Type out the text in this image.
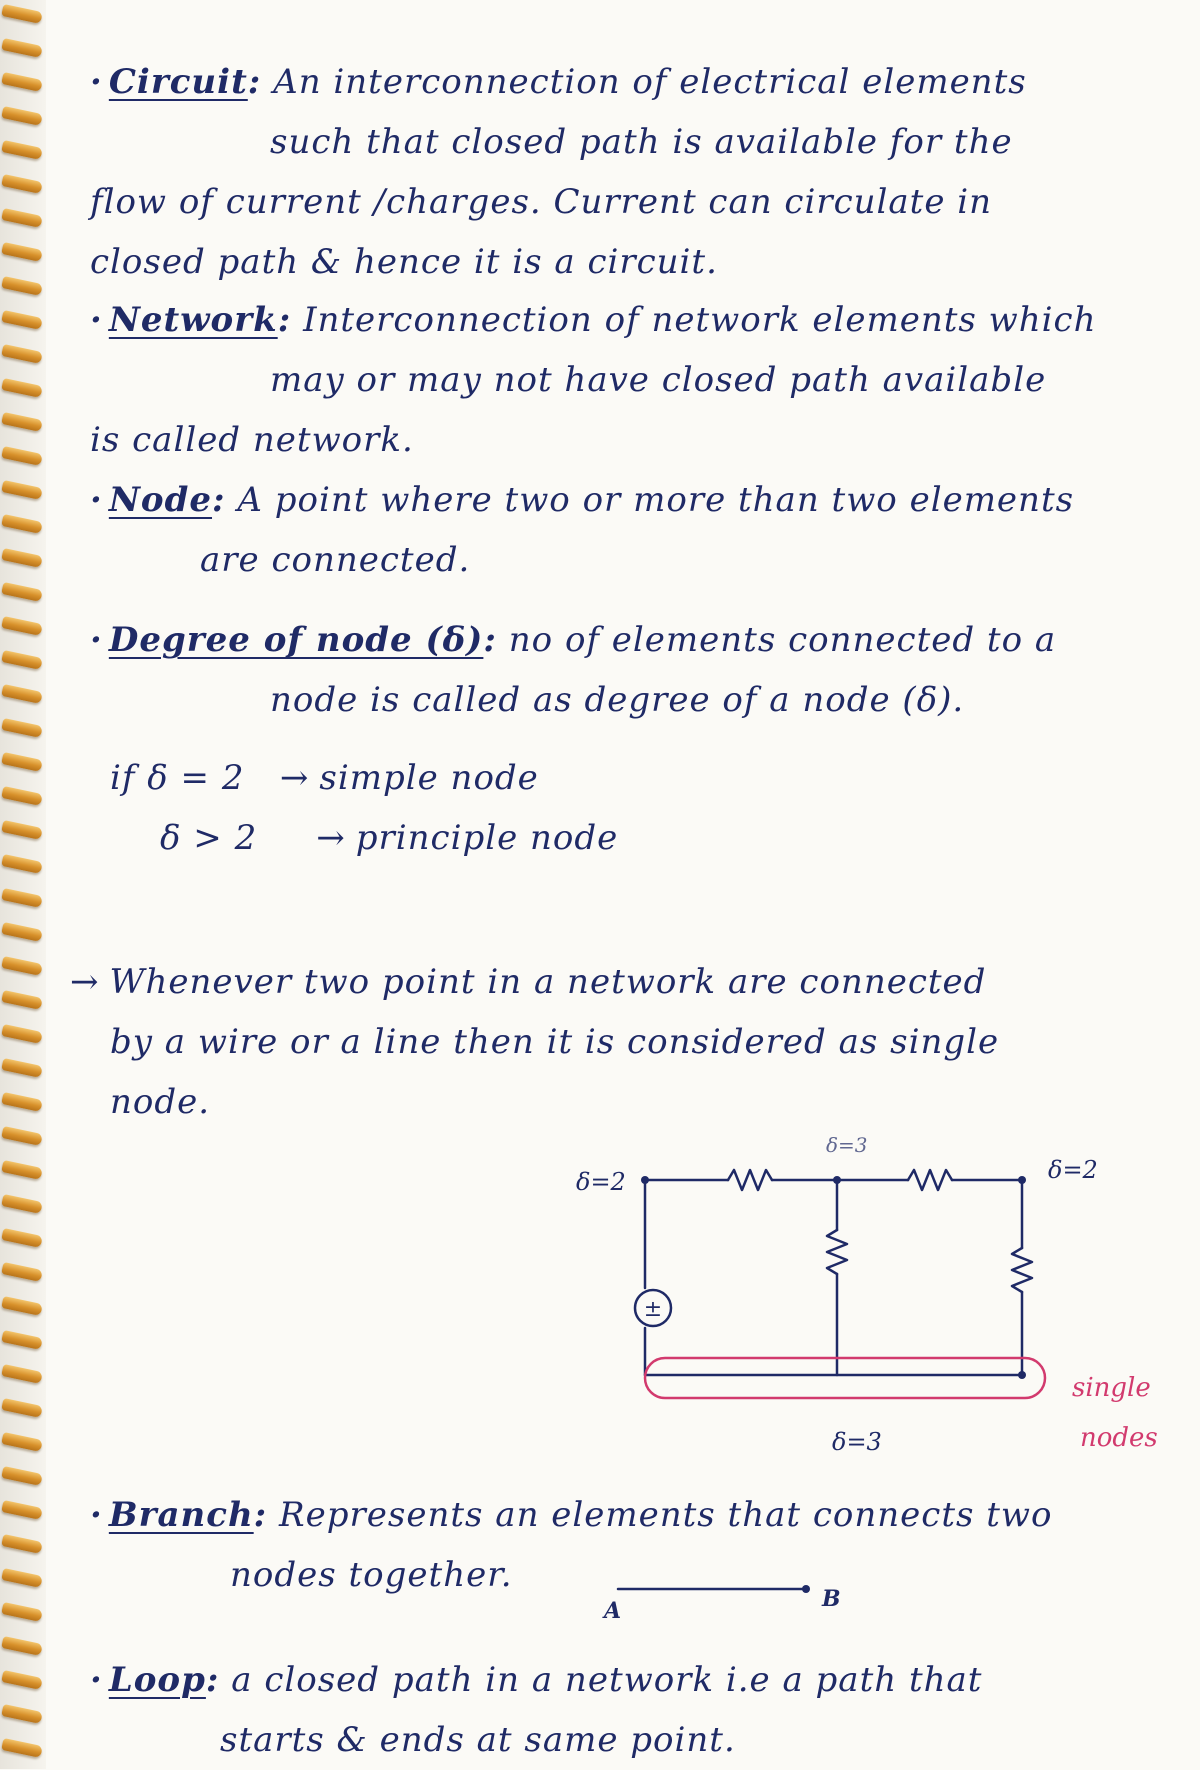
· Circuit: An interconnection of electrical elements
such that closed path is available for the
flow of current /charges. Current can circulate in
closed path & hence it is a circuit.
· Network: Interconnection of network elements which
may or may not have closed path available
is called network.
· Node: A point where two or more than two elements
are connected.
· Degree of node (δ): no of elements connected to a
node is called as degree of a node (δ).
if δ = 2 → simple node
δ > 2 → principle node
→ Whenever two point in a network are connected
by a wire or a line then it is considered as single
node.
· Branch: Represents an elements that connects two
nodes together.
· Loop: a closed path in a network i.e a path that
starts & ends at same point.
±
δ=2
δ=3
δ=2
δ=3
single
nodes
A	B
